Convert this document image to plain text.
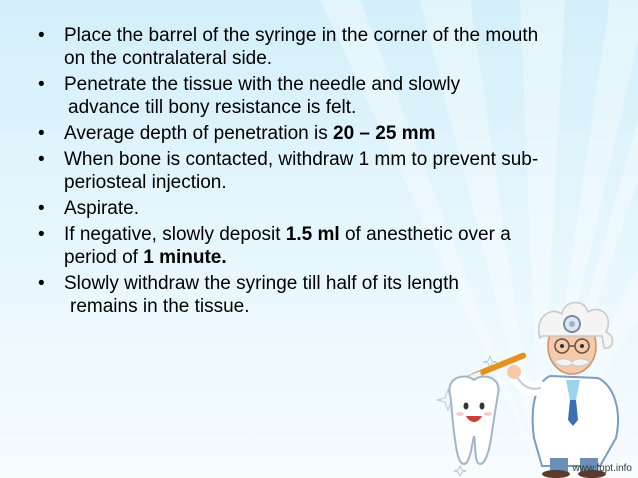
• Place the barrel of the syringe in the corner of the mouth
on the contralateral side.
• Penetrate the tissue with the needle and slowly
advance till bony resistance is felt.
• Average depth of penetration is 20 – 25 mm
• When bone is contacted, withdraw 1 mm to prevent sub-
periosteal injection.
• Aspirate.
• If negative, slowly deposit 1.5 ml of anesthetic over a
period of 1 minute.
• Slowly withdraw the syringe till half of its length
remains in the tissue.
www.fppt.info
